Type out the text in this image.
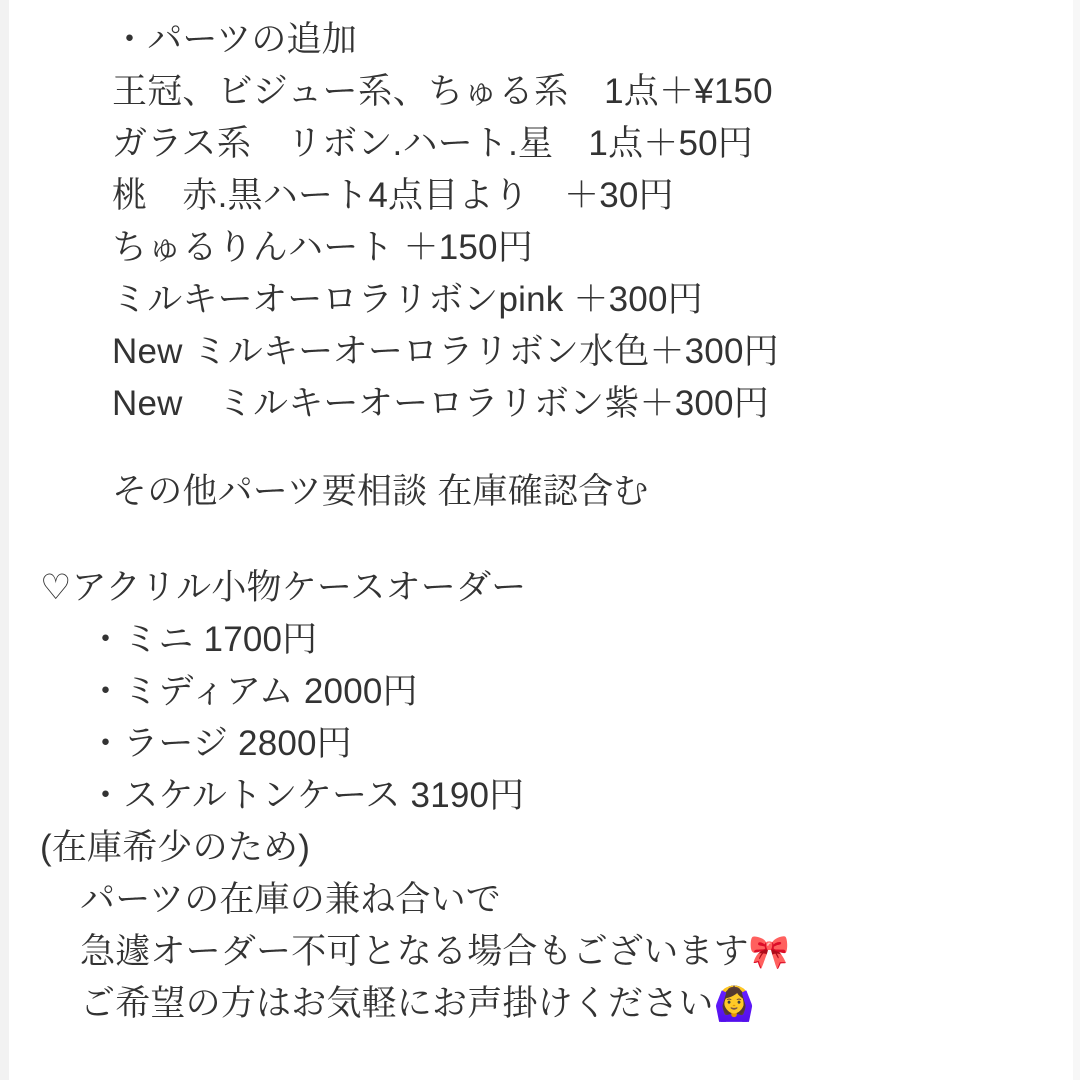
・パーツの追加
王冠、ビジュー系、ちゅる系　1点＋¥150
ガラス系　リボン.ハート.星　1点＋50円
桃　赤.黒ハート4点目より　＋30円
ちゅるりんハート ＋150円
ミルキーオーロラリボンpink ＋300円
New ミルキーオーロラリボン水色＋300円
New　ミルキーオーロラリボン紫＋300円
その他パーツ要相談 在庫確認含む
♡アクリル小物ケースオーダー
・ミニ 1700円
・ミディアム 2000円
・ラージ 2800円
・スケルトンケース 3190円
(在庫希少のため)
パーツの在庫の兼ね合いで
急遽オーダー不可となる場合もございます🎀
ご希望の方はお気軽にお声掛けください🙆‍♀️
